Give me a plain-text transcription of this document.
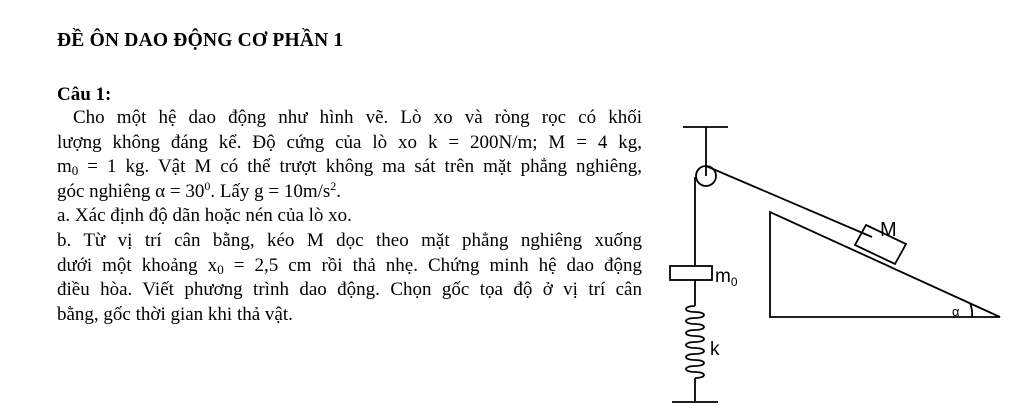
ĐỀ ÔN DAO ĐỘNG CƠ PHẦN 1
Câu 1:

Cho một hệ dao động như hình vẽ. Lò xo và ròng rọc có khối

lượng không đáng kể. Độ cứng của lò xo k = 200N/m; M = 4 kg,

$m_0 = 1$ kg. Vật M có thể trượt không ma sát trên mặt phẳng nghiêng,

góc nghiêng $\alpha = 30^0$. Lấy $g = 10m/s^2$.

a. Xác định độ dãn hoặc nén của lò xo.

b. Từ vị trí cân bằng, kéo M dọc theo mặt phẳng nghiêng xuống

dưới một khoảng $x_0 = 2,5$ cm rồi thả nhẹ. Chứng minh hệ dao động

điều hòa. Viết phương trình dao động. Chọn gốc tọa độ ở vị trí cân

bằng, gốc thời gian khi thả vật.

M
$m_0$
k
α
